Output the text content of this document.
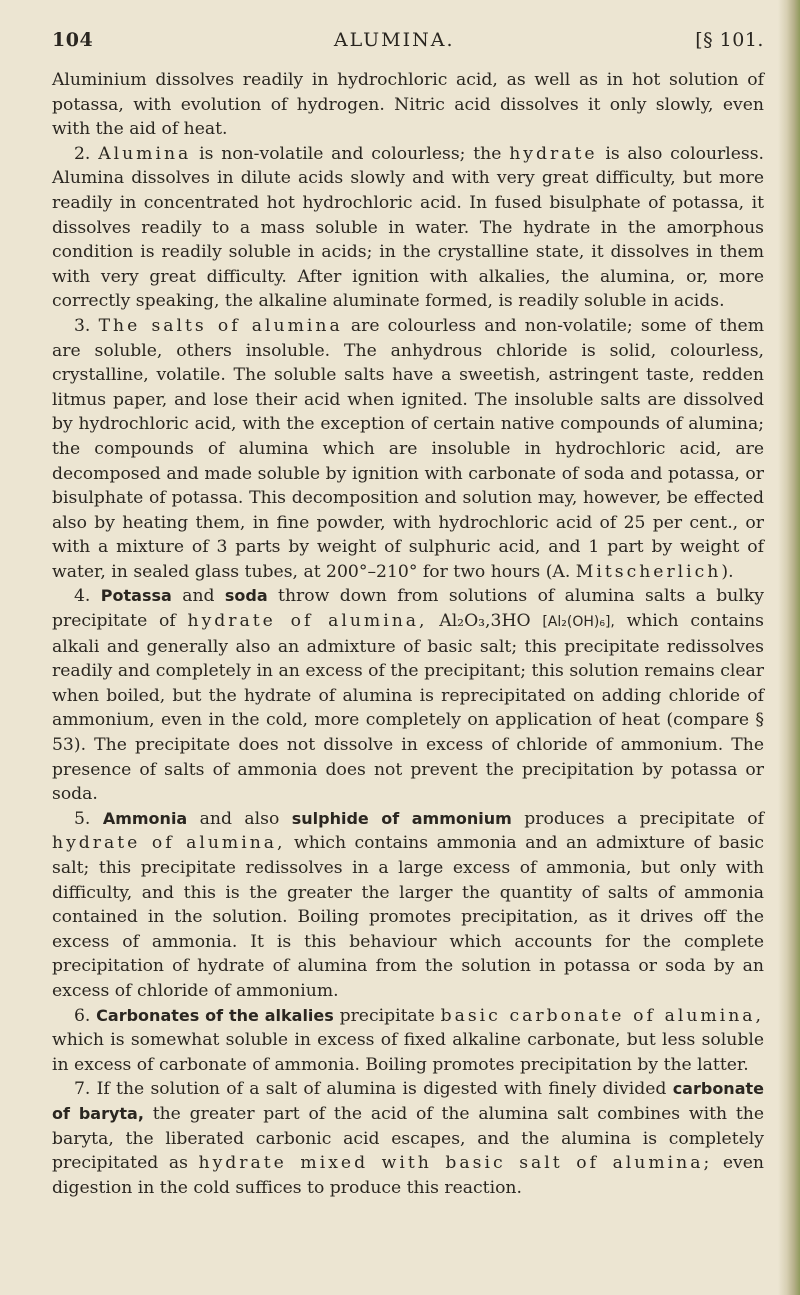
104	ALUMINA.	[§ 101.

Aluminium dissolves readily in hydrochloric acid, as well as in hot solution of potassa, with evolution of hydrogen. Nitric acid dissolves it only slowly, even with the aid of heat.

2. Alumina is non-volatile and colourless; the hydrate is also colourless. Alumina dissolves in dilute acids slowly and with very great difficulty, but more readily in concentrated hot hydrochloric acid. In fused bisulphate of potassa, it dissolves readily to a mass soluble in water. The hydrate in the amorphous condition is readily soluble in acids; in the crystalline state, it dissolves in them with very great difficulty. After ignition with alkalies, the alumina, or, more correctly speaking, the alkaline aluminate formed, is readily soluble in acids.

3. The salts of alumina are colourless and non-volatile; some of them are soluble, others insoluble. The anhydrous chloride is solid, colourless, crystalline, volatile. The soluble salts have a sweetish, astringent taste, redden litmus paper, and lose their acid when ignited. The insoluble salts are dissolved by hydrochloric acid, with the exception of certain native compounds of alumina; the compounds of alumina which are insoluble in hydrochloric acid, are decomposed and made soluble by ignition with carbonate of soda and potassa, or bisulphate of potassa. This decomposition and solution may, however, be effected also by heating them, in fine powder, with hydrochloric acid of 25 per cent., or with a mixture of 3 parts by weight of sulphuric acid, and 1 part by weight of water, in sealed glass tubes, at 200°–210° for two hours (A. Mitscherlich).

4. Potassa and soda throw down from solutions of alumina salts a bulky precipitate of hydrate of alumina, Al₂O₃,3HO [Al₂(OH)₆], which contains alkali and generally also an admixture of basic salt; this precipitate redissolves readily and completely in an excess of the precipitant; this solution remains clear when boiled, but the hydrate of alumina is reprecipitated on adding chloride of ammonium, even in the cold, more completely on application of heat (compare § 53). The precipitate does not dissolve in excess of chloride of ammonium. The presence of salts of ammonia does not prevent the precipitation by potassa or soda.

5. Ammonia and also sulphide of ammonium produces a precipitate of hydrate of alumina, which contains ammonia and an admixture of basic salt; this precipitate redissolves in a large excess of ammonia, but only with difficulty, and this is the greater the larger the quantity of salts of ammonia contained in the solution. Boiling promotes precipitation, as it drives off the excess of ammonia. It is this behaviour which accounts for the complete precipitation of hydrate of alumina from the solution in potassa or soda by an excess of chloride of ammonium.

6. Carbonates of the alkalies precipitate basic carbonate of alumina, which is somewhat soluble in excess of fixed alkaline carbonate, but less soluble in excess of carbonate of ammonia. Boiling promotes precipitation by the latter.

7. If the solution of a salt of alumina is digested with finely divided carbonate of baryta, the greater part of the acid of the alumina salt combines with the baryta, the liberated carbonic acid escapes, and the alumina is completely precipitated as hydrate mixed with basic salt of alumina; even digestion in the cold suffices to produce this reaction.
